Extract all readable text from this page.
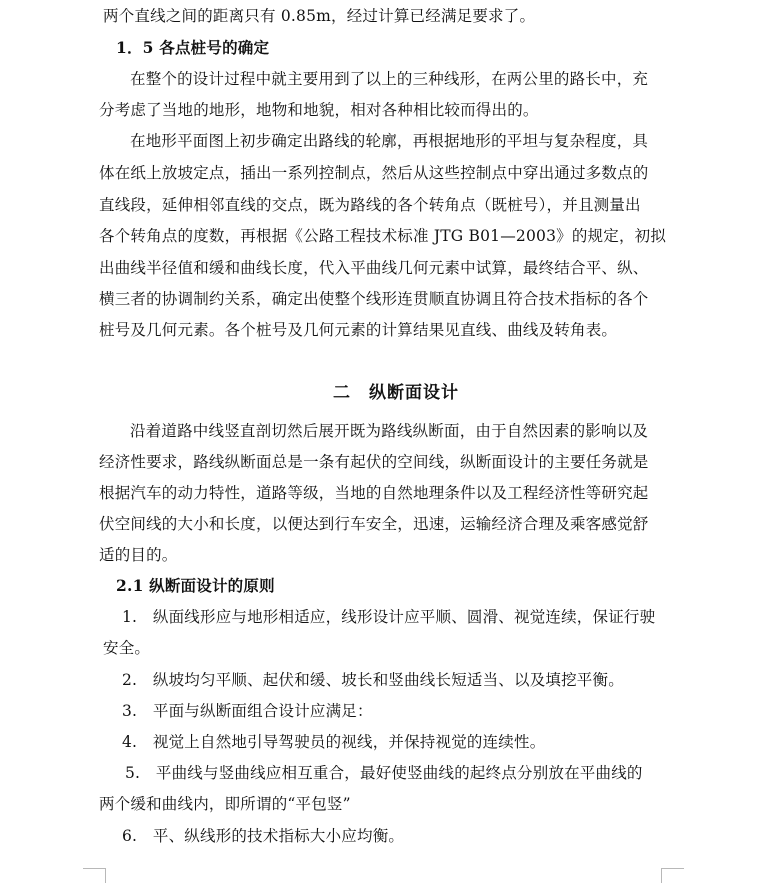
两个直线之间的距离只有 0.85m，经过计算已经满足要求了。
1．5 各点桩号的确定
在整个的设计过程中就主要用到了以上的三种线形，在两公里的路长中，充
分考虑了当地的地形，地物和地貌，相对各种相比较而得出的。
在地形平面图上初步确定出路线的轮廓，再根据地形的平坦与复杂程度，具
体在纸上放坡定点，插出一系列控制点，然后从这些控制点中穿出通过多数点的
直线段，延伸相邻直线的交点，既为路线的各个转角点（既桩号），并且测量出
各个转角点的度数，再根据《公路工程技术标准 JTG B01—2003》的规定，初拟
出曲线半径值和缓和曲线长度，代入平曲线几何元素中试算，最终结合平、纵、
横三者的协调制约关系，确定出使整个线形连贯顺直协调且符合技术指标的各个
桩号及几何元素。各个桩号及几何元素的计算结果见直线、曲线及转角表。
二　纵断面设计
沿着道路中线竖直剖切然后展开既为路线纵断面，由于自然因素的影响以及
经济性要求，路线纵断面总是一条有起伏的空间线，纵断面设计的主要任务就是
根据汽车的动力特性，道路等级，当地的自然地理条件以及工程经济性等研究起
伏空间线的大小和长度，以便达到行车安全，迅速，运输经济合理及乘客感觉舒
适的目的。
2.1 纵断面设计的原则
1.　纵面线形应与地形相适应，线形设计应平顺、圆滑、视觉连续，保证行驶
安全。
2.　纵坡均匀平顺、起伏和缓、坡长和竖曲线长短适当、以及填挖平衡。
3.　平面与纵断面组合设计应满足：
4.　视觉上自然地引导驾驶员的视线，并保持视觉的连续性。
5.　平曲线与竖曲线应相互重合，最好使竖曲线的起终点分别放在平曲线的
两个缓和曲线内，即所谓的“平包竖”
6.　平、纵线形的技术指标大小应均衡。
